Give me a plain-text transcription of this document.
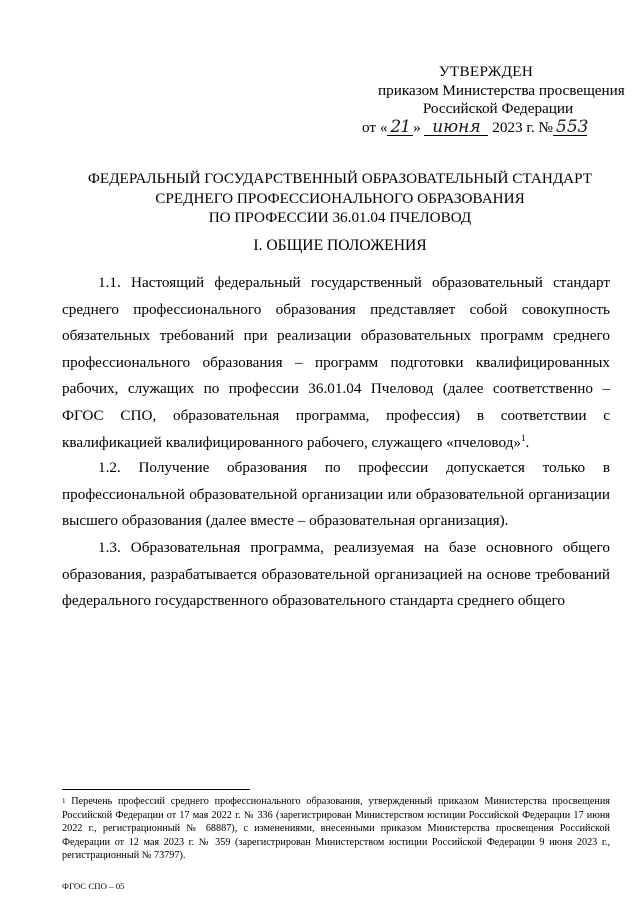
УТВЕРЖДЕН
приказом Министерства просвещения
Российской Федерации
от « 21 » июня 2023 г. № 553
ФЕДЕРАЛЬНЫЙ ГОСУДАРСТВЕННЫЙ ОБРАЗОВАТЕЛЬНЫЙ СТАНДАРТ
СРЕДНЕГО ПРОФЕССИОНАЛЬНОГО ОБРАЗОВАНИЯ
ПО ПРОФЕССИИ 36.01.04 ПЧЕЛОВОД
I. ОБЩИЕ ПОЛОЖЕНИЯ
1.1. Настоящий федеральный государственный образовательный стандарт среднего профессионального образования представляет собой совокупность обязательных требований при реализации образовательных программ среднего профессионального образования – программ подготовки квалифицированных рабочих, служащих по профессии 36.01.04 Пчеловод (далее соответственно – ФГОС СПО, образовательная программа, профессия) в соответствии с квалификацией квалифицированного рабочего, служащего «пчеловод»$^1$.
1.2. Получение образования по профессии допускается только в профессиональной образовательной организации или образовательной организации высшего образования (далее вместе – образовательная организация).
1.3. Образовательная программа, реализуемая на базе основного общего образования, разрабатывается образовательной организацией на основе требований федерального государственного образовательного стандарта среднего общего
$^1$ Перечень профессий среднего профессионального образования, утвержденный приказом Министерства просвещения Российской Федерации от 17 мая 2022 г. № 336 (зарегистрирован Министерством юстиции Российской Федерации 17 июня 2022 г., регистрационный № 68887), с изменениями, внесенными приказом Министерства просвещения Российской Федерации от 12 мая 2023 г. № 359 (зарегистрирован Министерством юстиции Российской Федерации 9 июня 2023 г., регистрационный № 73797).
ФГОС СПО – 05
